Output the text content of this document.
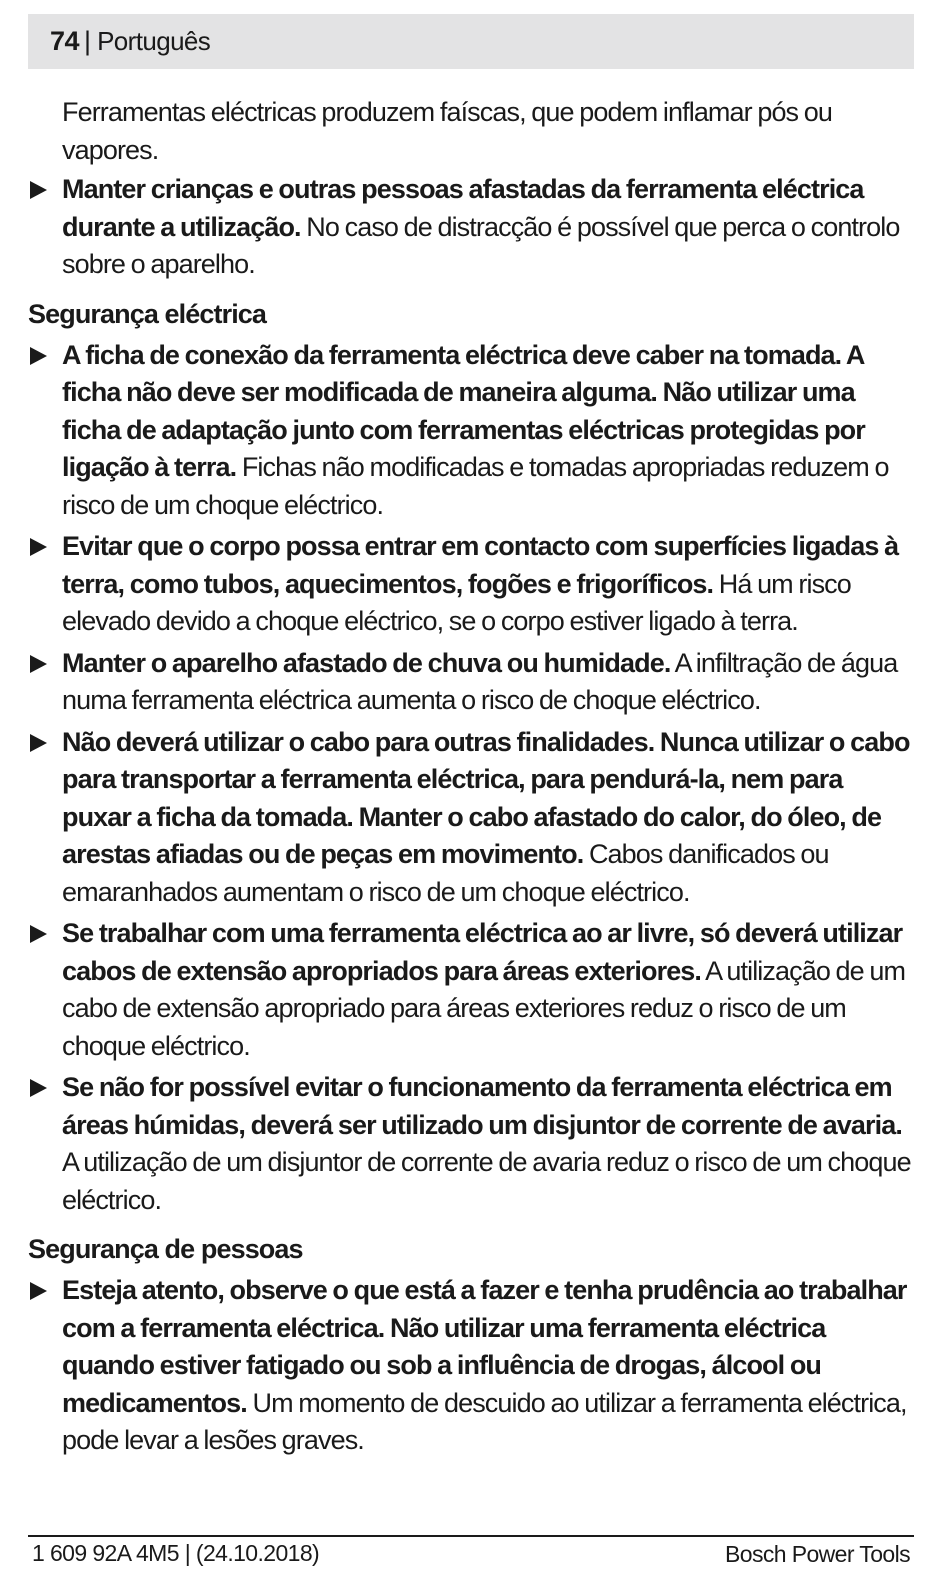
74 | Português

Ferramentas eléctricas produzem faíscas, que podem inflamar pós ou vapores.

Manter crianças e outras pessoas afastadas da ferramenta eléctrica durante a utilização. No caso de distracção é possível que perca o controlo sobre o aparelho.
Segurança eléctrica
A ficha de conexão da ferramenta eléctrica deve caber na tomada. A ficha não deve ser modificada de maneira alguma. Não utilizar uma ficha de adaptação junto com ferramentas eléctricas protegidas por ligação à terra. Fichas não modificadas e tomadas apropriadas reduzem o risco de um choque eléctrico.
Evitar que o corpo possa entrar em contacto com superfícies ligadas à terra, como tubos, aquecimentos, fogões e frigoríficos. Há um risco elevado devido a choque eléctrico, se o corpo estiver ligado à terra.
Manter o aparelho afastado de chuva ou humidade. A infiltração de água numa ferramenta eléctrica aumenta o risco de choque eléctrico.
Não deverá utilizar o cabo para outras finalidades. Nunca utilizar o cabo para transportar a ferramenta eléctrica, para pendurá-la, nem para puxar a ficha da tomada. Manter o cabo afastado do calor, do óleo, de arestas afiadas ou de peças em movimento. Cabos danificados ou emaranhados aumentam o risco de um choque eléctrico.
Se trabalhar com uma ferramenta eléctrica ao ar livre, só deverá utilizar cabos de extensão apropriados para áreas exteriores. A utilização de um cabo de extensão apropriado para áreas exteriores reduz o risco de um choque eléctrico.
Se não for possível evitar o funcionamento da ferramenta eléctrica em áreas húmidas, deverá ser utilizado um disjuntor de corrente de avaria. A utilização de um disjuntor de corrente de avaria reduz o risco de um choque eléctrico.
Segurança de pessoas
Esteja atento, observe o que está a fazer e tenha prudência ao trabalhar com a ferramenta eléctrica. Não utilizar uma ferramenta eléctrica quando estiver fatigado ou sob a influência de drogas, álcool ou medicamentos. Um momento de descuido ao utilizar a ferramenta eléctrica, pode levar a lesões graves.
1 609 92A 4M5 | (24.10.2018)	Bosch Power Tools
